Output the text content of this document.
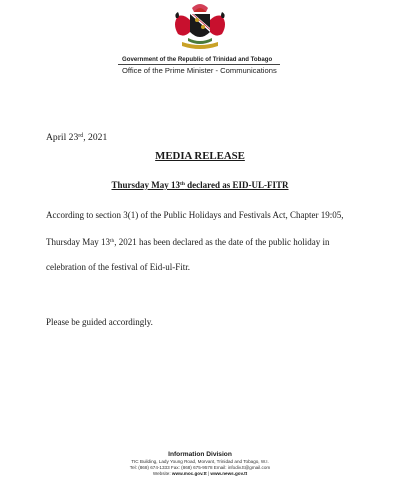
Government of the Republic of Trinidad and Tobago
Office of the Prime Minister - Communications
April 23rd, 2021
MEDIA RELEASE
Thursday May 13th declared as EID-UL-FITR
According to section 3(1) of the Public Holidays and Festivals Act, Chapter 19:05,
Thursday May 13th, 2021 has been declared as the date of the public holiday in
celebration of the festival of Eid-ul-Fitr.
Please be guided accordingly.
Information Division
TIC Building, Lady Young Road, Morvant, Trinidad and Tobago, W.I.
Tel: (868) 674-1333 Fax: (868) 675-9578 Email: infodiv.tt@gmail.com
Website: www.moc.gov.tt | www.news.gov.tt
